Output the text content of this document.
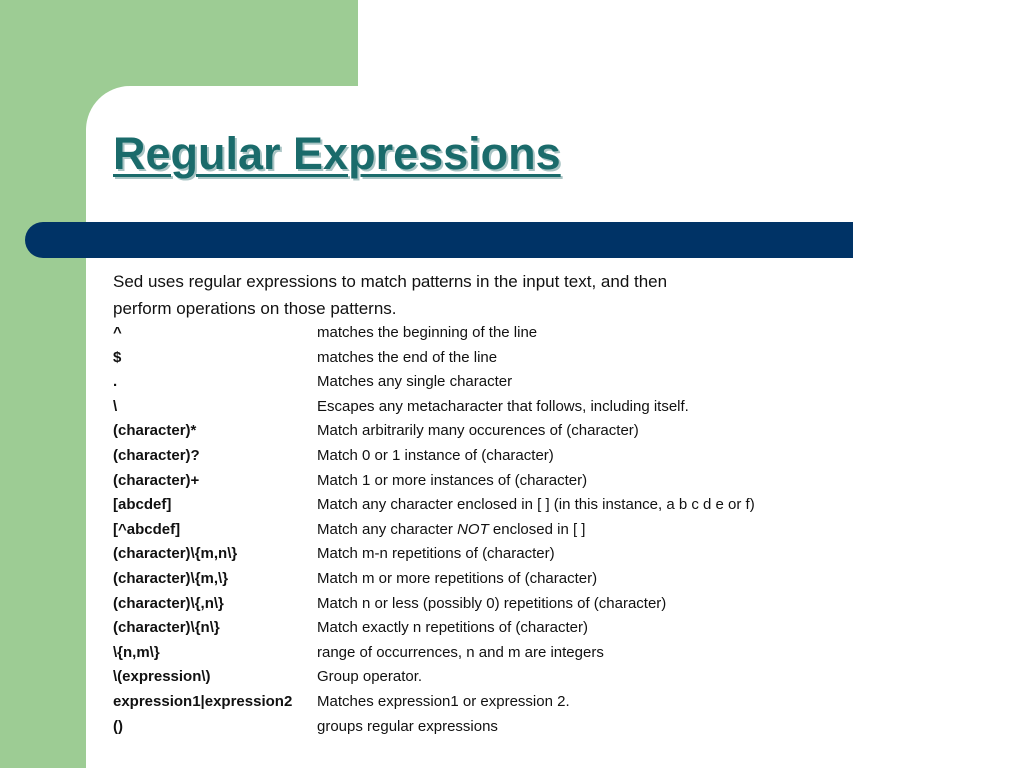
Regular Expressions
Sed uses regular expressions to match patterns in the input text, and then
perform operations on those patterns.
^	matches the beginning of the line
$	matches the end of the line
.	Matches any single character
\	Escapes any metacharacter that follows, including itself.
(character)*	Match arbitrarily many occurences of (character)
(character)?	Match 0 or 1 instance of (character)
(character)+	Match 1 or more instances of (character)
[abcdef]	Match any character enclosed in [ ] (in this instance, a b c d e or f)
[^abcdef]	Match any character NOT enclosed in [ ]
(character)\{m,n\}	Match m-n repetitions of (character)
(character)\{m,\}	Match m or more repetitions of (character)
(character)\{,n\}	Match n or less (possibly 0) repetitions of (character)
(character)\{n\}	Match exactly n repetitions of (character)
\{n,m\}	range of occurrences, n and m are integers
\(expression\)	Group operator.
expression1|expression2 Matches expression1 or expression 2.
()	groups regular expressions
